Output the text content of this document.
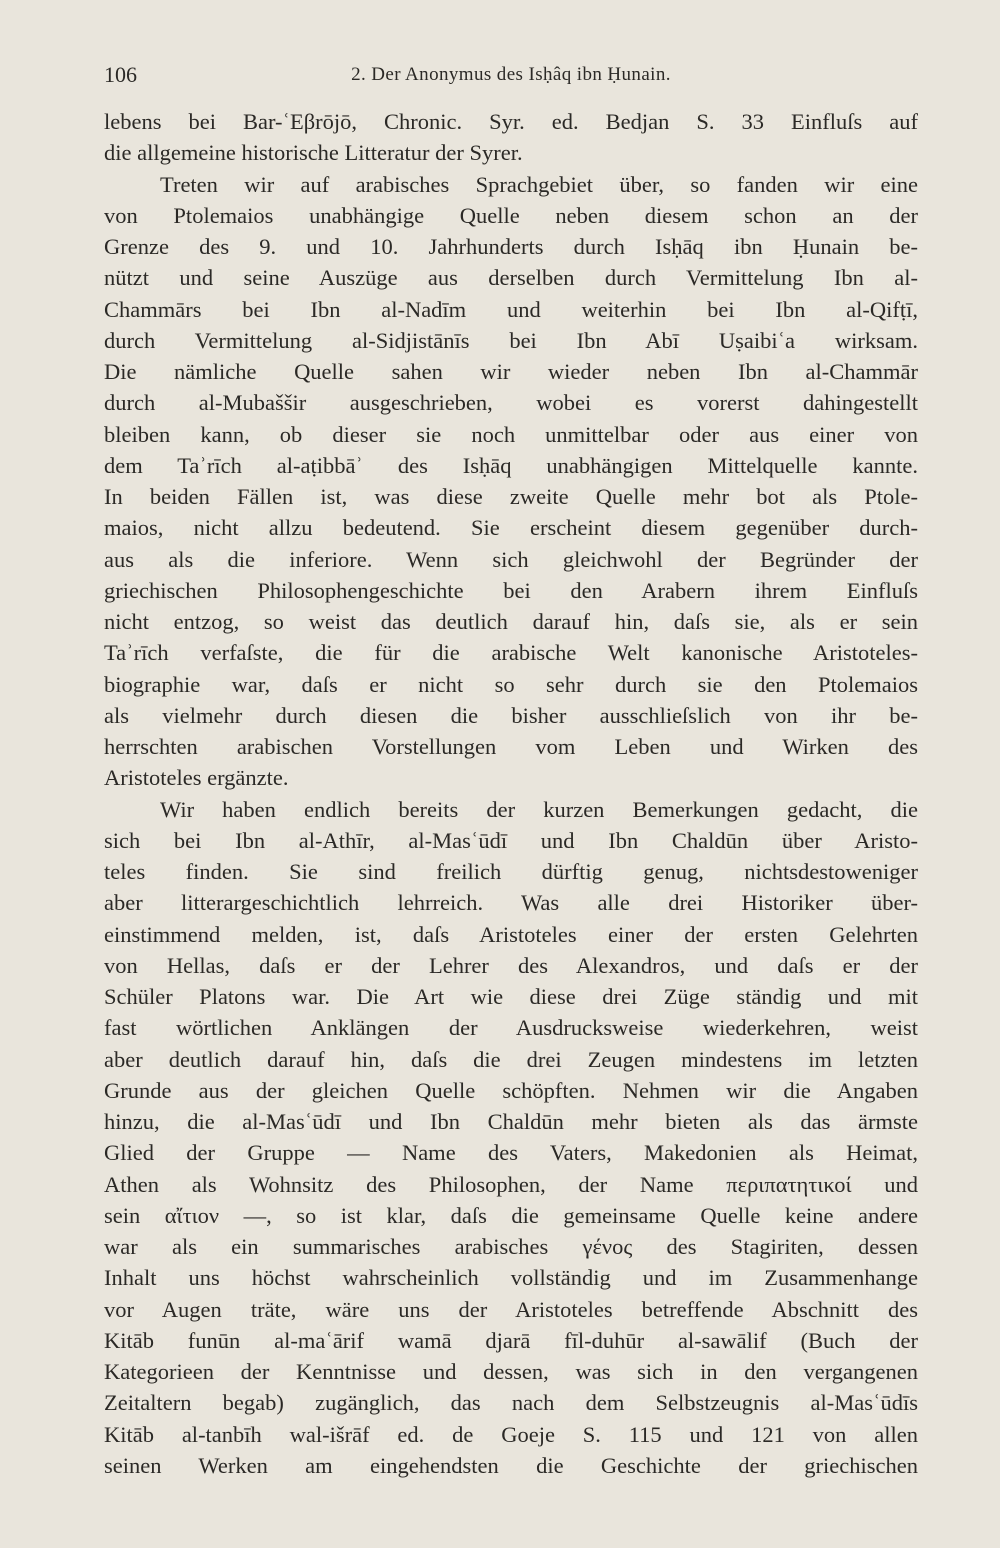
106	2. Der Anonymus des Isḥâq ibn Ḥunain.
lebens bei Bar-ʿEβrōjō, Chronic. Syr. ed. Bedjan S. 33 Einfluſs auf
die allgemeine historische Litteratur der Syrer.
Treten wir auf arabisches Sprachgebiet über, so fanden wir eine
von Ptolemaios unabhängige Quelle neben diesem schon an der
Grenze des 9. und 10. Jahrhunderts durch Isḥāq ibn Ḥunain be-
nützt und seine Auszüge aus derselben durch Vermittelung Ibn al-
Chammārs bei Ibn al-Nadīm und weiterhin bei Ibn al-Qifṭī,
durch Vermittelung al-Sidjistānīs bei Ibn Abī Uṣaibiʿa wirksam.
Die nämliche Quelle sahen wir wieder neben Ibn al-Chammār
durch al-Mubaššir ausgeschrieben, wobei es vorerst dahingestellt
bleiben kann, ob dieser sie noch unmittelbar oder aus einer von
dem Taʾrīch al-aṭibbāʾ des Isḥāq unabhängigen Mittelquelle kannte.
In beiden Fällen ist, was diese zweite Quelle mehr bot als Ptole-
maios, nicht allzu bedeutend. Sie erscheint diesem gegenüber durch-
aus als die inferiore. Wenn sich gleichwohl der Begründer der
griechischen Philosophengeschichte bei den Arabern ihrem Einfluſs
nicht entzog, so weist das deutlich darauf hin, daſs sie, als er sein
Taʾrīch verfaſste, die für die arabische Welt kanonische Aristoteles-
biographie war, daſs er nicht so sehr durch sie den Ptolemaios
als vielmehr durch diesen die bisher ausschlieſslich von ihr be-
herrschten arabischen Vorstellungen vom Leben und Wirken des
Aristoteles ergänzte.
Wir haben endlich bereits der kurzen Bemerkungen gedacht, die
sich bei Ibn al-Athīr, al-Masʿūdī und Ibn Chaldūn über Aristo-
teles finden. Sie sind freilich dürftig genug, nichtsdestoweniger
aber litterargeschichtlich lehrreich. Was alle drei Historiker über-
einstimmend melden, ist, daſs Aristoteles einer der ersten Gelehrten
von Hellas, daſs er der Lehrer des Alexandros, und daſs er der
Schüler Platons war. Die Art wie diese drei Züge ständig und mit
fast wörtlichen Anklängen der Ausdrucksweise wiederkehren, weist
aber deutlich darauf hin, daſs die drei Zeugen mindestens im letzten
Grunde aus der gleichen Quelle schöpften. Nehmen wir die Angaben
hinzu, die al-Masʿūdī und Ibn Chaldūn mehr bieten als das ärmste
Glied der Gruppe — Name des Vaters, Makedonien als Heimat,
Athen als Wohnsitz des Philosophen, der Name περιπατητικοί und
sein αἴτιον —, so ist klar, daſs die gemeinsame Quelle keine andere
war als ein summarisches arabisches γένος des Stagiriten, dessen
Inhalt uns höchst wahrscheinlich vollständig und im Zusammenhange
vor Augen träte, wäre uns der Aristoteles betreffende Abschnitt des
Kitāb funūn al-maʿārif wamā djarā fīl-duhūr al-sawālif (Buch der
Kategorieen der Kenntnisse und dessen, was sich in den vergangenen
Zeitaltern begab) zugänglich, das nach dem Selbstzeugnis al-Masʿūdīs
Kitāb al-tanbīh wal-išrāf ed. de Goeje S. 115 und 121 von allen
seinen Werken am eingehendsten die Geschichte der griechischen
